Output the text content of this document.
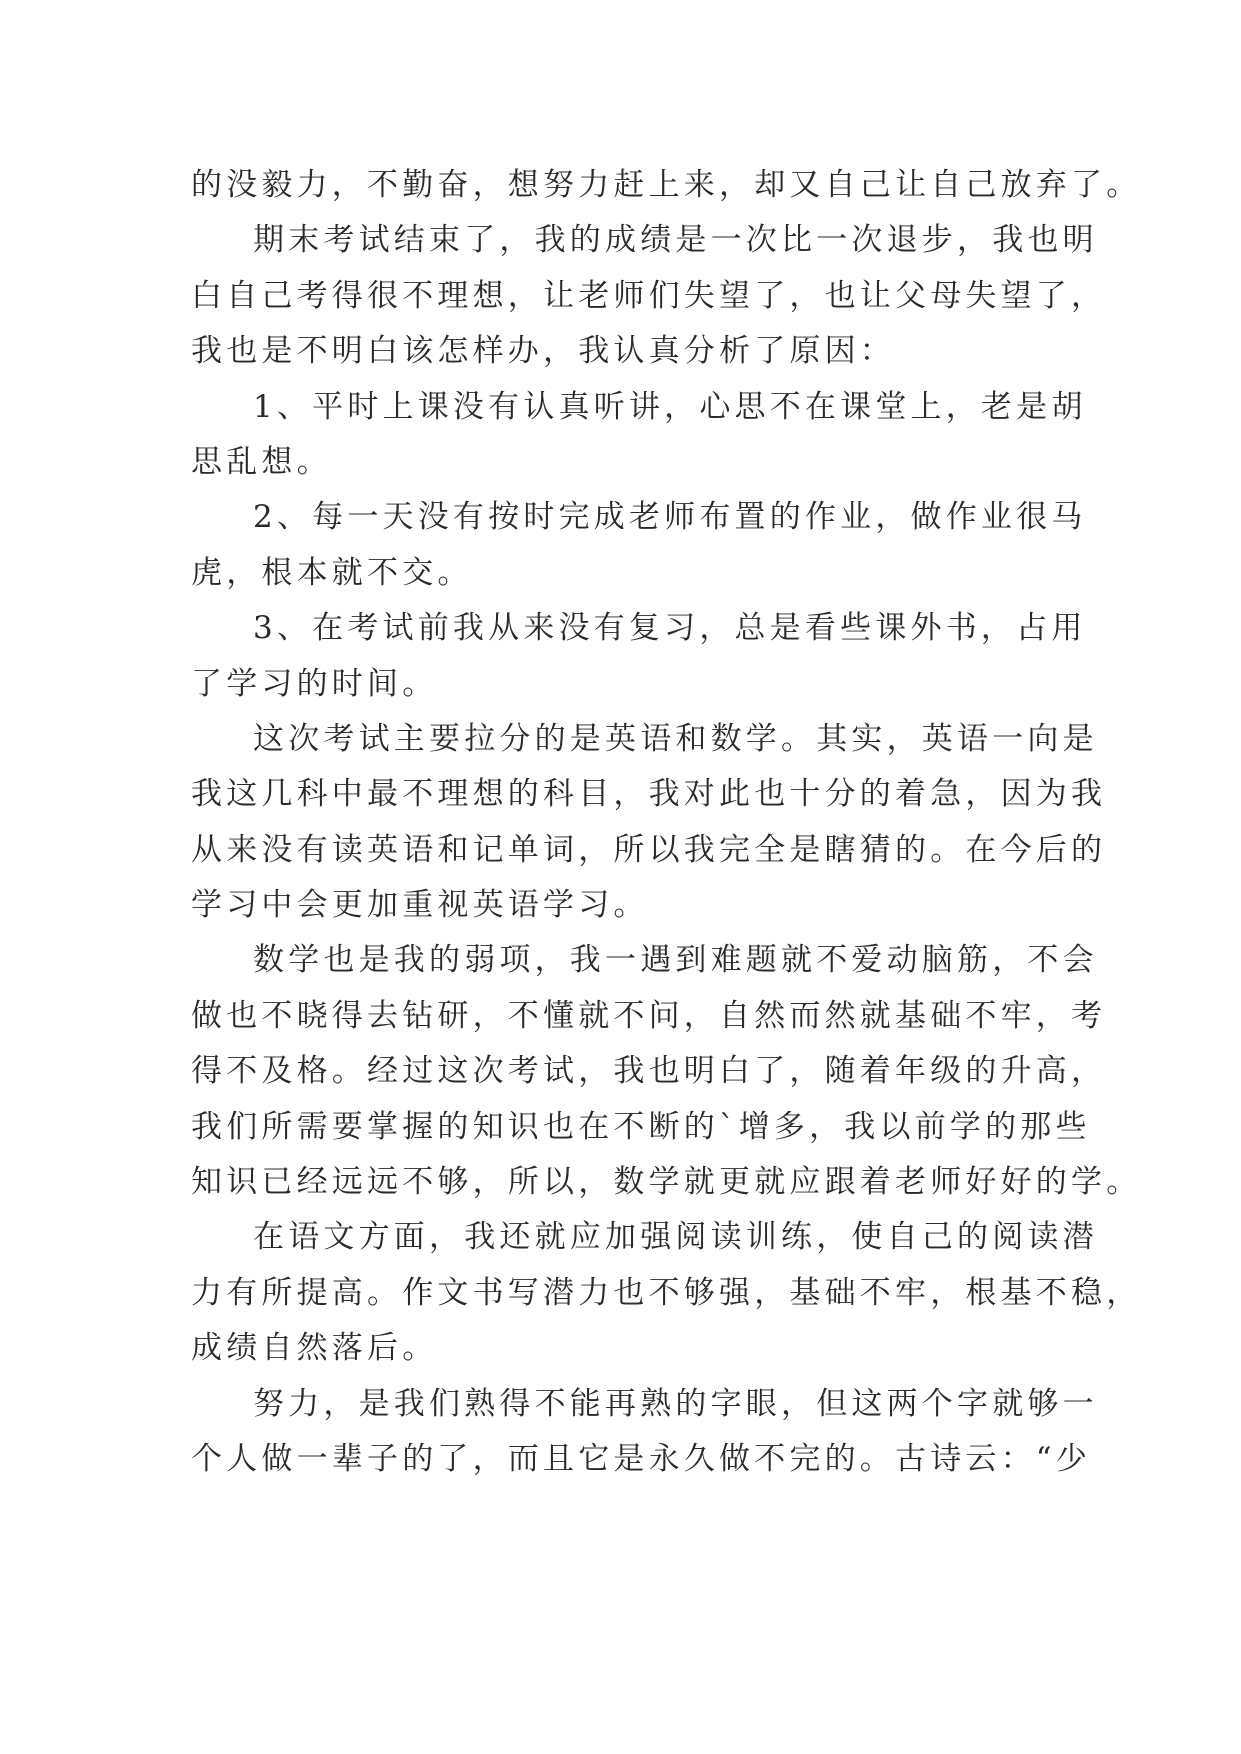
的没毅力，不勤奋，想努力赶上来，却又自己让自己放弃了。
期末考试结束了，我的成绩是一次比一次退步，我也明
白自己考得很不理想，让老师们失望了，也让父母失望了，
我也是不明白该怎样办，我认真分析了原因：
1、平时上课没有认真听讲，心思不在课堂上，老是胡
思乱想。
2、每一天没有按时完成老师布置的作业，做作业很马
虎，根本就不交。
3、在考试前我从来没有复习，总是看些课外书，占用
了学习的时间。
这次考试主要拉分的是英语和数学。其实，英语一向是
我这几科中最不理想的科目，我对此也十分的着急，因为我
从来没有读英语和记单词，所以我完全是瞎猜的。在今后的
学习中会更加重视英语学习。
数学也是我的弱项，我一遇到难题就不爱动脑筋，不会
做也不晓得去钻研，不懂就不问，自然而然就基础不牢，考
得不及格。经过这次考试，我也明白了，随着年级的升高，
我们所需要掌握的知识也在不断的`增多，我以前学的那些
知识已经远远不够，所以，数学就更就应跟着老师好好的学。
在语文方面，我还就应加强阅读训练，使自己的阅读潜
力有所提高。作文书写潜力也不够强，基础不牢，根基不稳，
成绩自然落后。
努力，是我们熟得不能再熟的字眼，但这两个字就够一
个人做一辈子的了，而且它是永久做不完的。古诗云：“少
